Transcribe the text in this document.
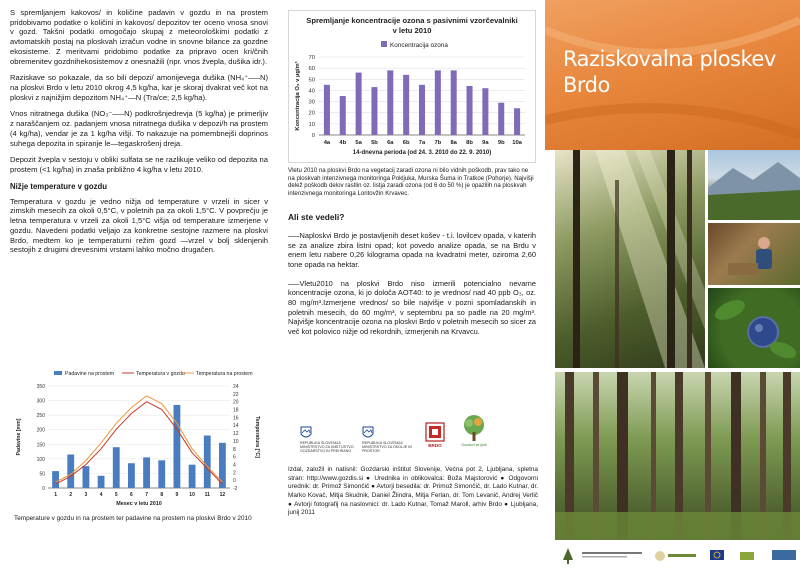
S spremljanjem kakovos/ in količine padavin v gozdu in na prostem pridobivamo podatke o količini in kakovos/ depozitov ter oceno vnosa snovi v gozd. Takšni podatki omogočajo skupaj z meteorološkimi podatki z avtomatskih postaj na ploskvah izračun vodne in snovne bilance za gozdne ekosisteme. Z meritvami pridobimo podatke za pripravo ocen kri/čnih obremenitev gozdnihekosistemov z onesnažili (npr. vnos žvepla, dušika idr.).

Raziskave so pokazale, da so bili depozi/ amonijevega dušika (NH₄⁺—–N) na ploskvi Brdo v letu 2010 okrog 4,5 kg/ha, kar je skoraj dvakrat več kot na ploskvi z najnižjim depozitom NH₄⁺—N (Tra/ce; 2,5 kg/ha).

Vnos nitratnega dušika (NO₃⁻—–N) podkrošnjedrevja (5 kg/ha) je primerljiv z naraščanjem oz. padanjem vnosa nitratnega dušika v depozi/h na prostem (4 kg/ha), vendar je za 1 kg/ha višji. To nakazuje na pomembnejši doprinos suhega depozita in spiranje le—tegaskrošenj dreja.

Depozit žvepla v sestoju v obliki sulfata se ne razlikuje veliko od depozita na prostem (<1 kg/ha) in znaša približno 4 kg/ha v letu 2010.

Nižje temperature v gozdu

Temperatura v gozdu je vedno nižja od temperature v vrzeli in sicer v zimskih mesecih za okoli 0,5°C, v poletnih pa za okoli 1,5°C. V povprečju je letna temperatura v vrzeli za okoli 1,5°C višja od temperature izmerjene v gozdu. Navedeni podatki veljajo za konkretne sestojne razmere na ploskvi Brdo, medtem ko je temperaturni režim gozd —vrzel v bolj sklenjenih sestojih z drugimi drevesnimi vrstami lahko močno drugačen.

Padavine na prostem	Temperatura v gozdu Temperatura na prostem
0
50
100
150
200
250
300
350
-2
0
2
4
6
8
10
12
14
16
18
20
22
24
1 2 3 4 5 6 7 8 9 10 11 12
Mesec v letu 2010
Padavine [mm]	Temperatura [°C]
Temperature v gozdu in na prostem ter padavine na prostem na ploskvi Brdo v 2010
Spremljanje koncentracije ozona s pasivnimi vzorčevalniki
v letu 2010
Koncentracija ozona
0
10
20
30
40
50
60
70
4a 4b 5a 5b 6a 6b 7a 7b 8a 8b 9a 9b 10a
14-dnevna perioda (od 24. 3. 2010 do 22. 9. 2010)
Koncentracija O₃ v µg/m³
Vletu 2010 na ploskvi Brdo na vegetacij zaradi ozona ni bilo vidnih poškodb, prav tako ne na ploskvah intenzivnega monitoringa Pokljuka, Murska Šuma in Tratkoe (Pohorje). Najvišji delež poškodb delov rastlin oz. listja zaradi ozona (od 6 do 50 %) je opazilih na ploskvah intenzivnega monitoringa Lontovžin Krvavec.
Ali ste vedeli?

—–Naploskvi Brdo je postavljenih deset košev - t.i. lovilcev opada, v katerih se za analize zbira listni opad; kot povedo analize opada, se na Brdu v enem letu nabere 0,26 kilograma opada na kvadratni meter, oziroma 2,60 tone opada na hektar.

—–Vletu2010 na ploskvi Brdo niso izmerili potencialno nevarne koncentracije ozona, ki jo določa AOT40: to je vrednos/ nad 40 ppb O₃, oz. 80 mg/m³.Izmerjene vrednos/ so bile najvišje v pozni spomladanskih in poletnih mesecih, do 60 mg/m³, v septembru pa so padle na 20 mg/m³. Najvišje koncentracije ozona na ploskvi Brdo v poletnih mesecih so sicer za več kot polovico nižje od rekordnih, izmerjenih na Krvavcu.

REPUBLIKA SLOVENIJA MINISTRSTVO ZA KMETIJSTVO, GOZDARSTVO IN PREHRANO
REPUBLIKA SLOVENIJA MINISTRSTVO ZA OKOLJE IN PROSTOR
BRDO	Gozdovi za ljudi
Izdal, založil in natisnil: Gozdarski inštitut Slovenije, Večna pot 2, Ljubljana, spletna stran: http://www.gozdis.si ● Urednika in oblikovalca: Boža Majstorović ● Odgovorni urednik: dr. Primož Simončič ● Avtorji besedila: dr. Primož Simončič, dr. Lado Kutnar, dr. Marko Kovač, Mitja Skudnik, Daniel Žlindra, Mitja Ferlan, dr. Tom Levanič, Andrej Verlič ● Avtorji fotografij na naslovnici: dr. Lado Kutnar, Tomaž Maroll, arhiv Brdo ● Ljubljana, junij 2011
Raziskovalna ploskev
Brdo
